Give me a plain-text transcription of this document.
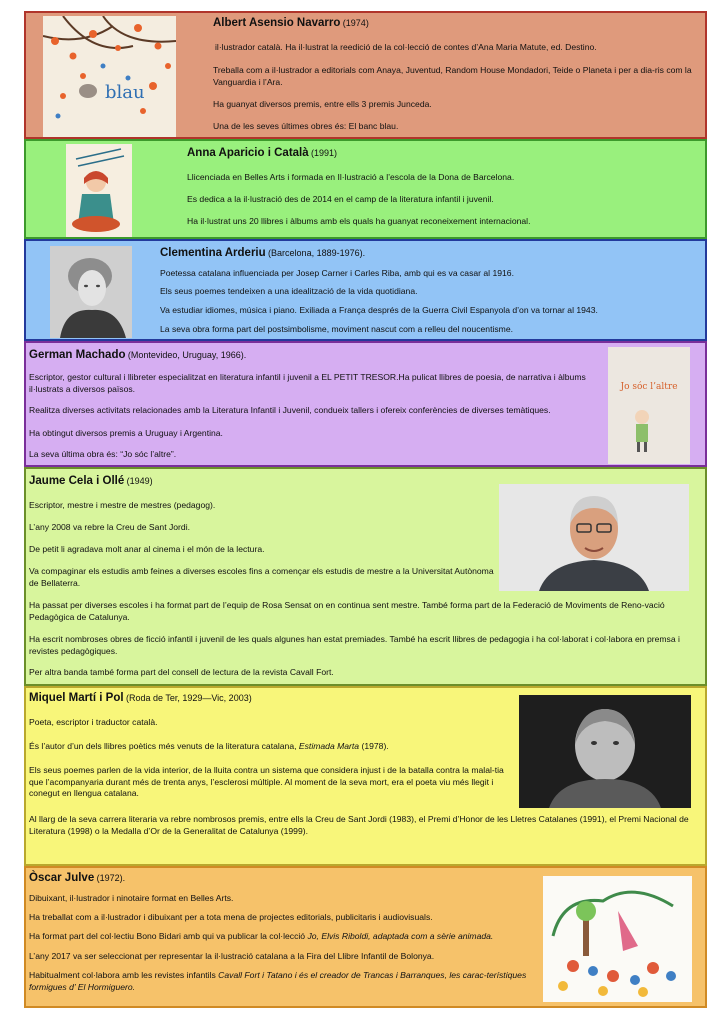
blau

Albert Asensio Navarro (1974)

il·lustrador català. Ha il·lustrat la reedició de la col·lecció de contes d’Ana Maria Matute, ed. Destino.

Treballa com a il·lustrador a editorials com Anaya, Juventud, Random House Mondadori, Teide o Planeta i per a dia-ris com la Vanguardia i l’Ara.

Ha guanyat diversos premis, entre ells 3 premis Junceda.

Una de les seves últimes obres és: El banc blau.

Anna Aparicio i Català (1991)

Llicenciada en Belles Arts i formada en Il·lustració a l’escola de la Dona de Barcelona.

Es dedica a la il·lustració des de 2014 en el camp de la literatura infantil i juvenil.

Ha il·lustrat uns 20 llibres i àlbums amb els quals ha guanyat reconeixement internacional.

Clementina Arderiu (Barcelona, 1889-1976).

Poetessa catalana influenciada per Josep Carner i Carles Riba, amb qui es va casar al 1916.

Els seus poemes tendeixen a una idealització de la vida quotidiana.

Va estudiar idiomes, música i piano. Exiliada a França després de la Guerra Civil Espanyola d’on va tornar al 1943.

La seva obra forma part del postsimbolisme, moviment nascut com a relleu del noucentisme.

German Machado (Montevideo, Uruguay, 1966).

Escriptor, gestor cultural i llibreter especialitzat en literatura infantil i juvenil a EL PETIT TRESOR.Ha pulicat llibres de poesia, de narrativa i àlbums il·lustrats a diversos països.

Realitza diverses activitats relacionades amb la Literatura Infantil i Juvenil, condueix tallers i ofereix conferències de diverses temàtiques.

Ha obtingut diversos premis a Uruguay i Argentina.

La seva última obra és: “Jo sóc l’altre”.

Jo sóc l’altre

Jaume Cela i Ollé (1949)

Escriptor, mestre i mestre de mestres (pedagog).

L’any 2008 va rebre la Creu de Sant Jordi.

De petit li agradava molt anar al cinema i el món de la lectura.

Va compaginar els estudis amb feines a diverses escoles fins a començar els estudis de mestre a la Universitat Autònoma de Bellaterra.

Ha passat per diverses escoles i ha format part de l’equip de Rosa Sensat on en continua sent mestre. També forma part de la Federació de Moviments de Reno-vació Pedagògica de Catalunya.

Ha escrit nombroses obres de ficció infantil i juvenil de les quals algunes han estat premiades. També ha escrit llibres de pedagogia i ha col·laborat i col·labora en premsa i revistes pedagògiques.

Per altra banda també forma part del consell de lectura de la revista Cavall Fort.

Miquel Martí i Pol (Roda de Ter, 1929—Vic, 2003)

Poeta, escriptor i traductor català.

És l’autor d’un dels llibres poètics més venuts de la literatura catalana, Estimada Marta (1978).

Els seus poemes parlen de la vida interior, de la lluita contra un sistema que considera injust i de la batalla contra la malal-tia que l’acompanyaria durant més de trenta anys, l’esclerosi múltiple. Al moment de la seva mort, era el poeta viu més llegit i conegut en llengua catalana.

Al llarg de la seva carrera literaria va rebre nombrosos premis, entre ells la Creu de Sant Jordi (1983), el Premi d’Honor de les Lletres Catalanes (1991), el Premi Nacional de Literatura (1998) o la Medalla d’Or de la Generalitat de Catalunya (1999).

Òscar Julve (1972).

Dibuixant, il·lustrador i ninotaire format en Belles Arts.

Ha treballat com a il·lustrador i dibuixant per a tota mena de projectes editorials, publicitaris i audiovisuals.

Ha format part del col·lectiu Bono Bidari amb qui va publicar la col·lecció Jo, Elvis Riboldi, adaptada com a sèrie animada.

L’any 2017 va ser seleccionat per representar la il·lustració catalana a la Fira del Llibre Infantil de Bolonya.

Habitualment col·labora amb les revistes infantils Cavall Fort i Tatano i és el creador de Trancas i Barranques, les carac-terístiques formigues d’ El Hormiguero.
